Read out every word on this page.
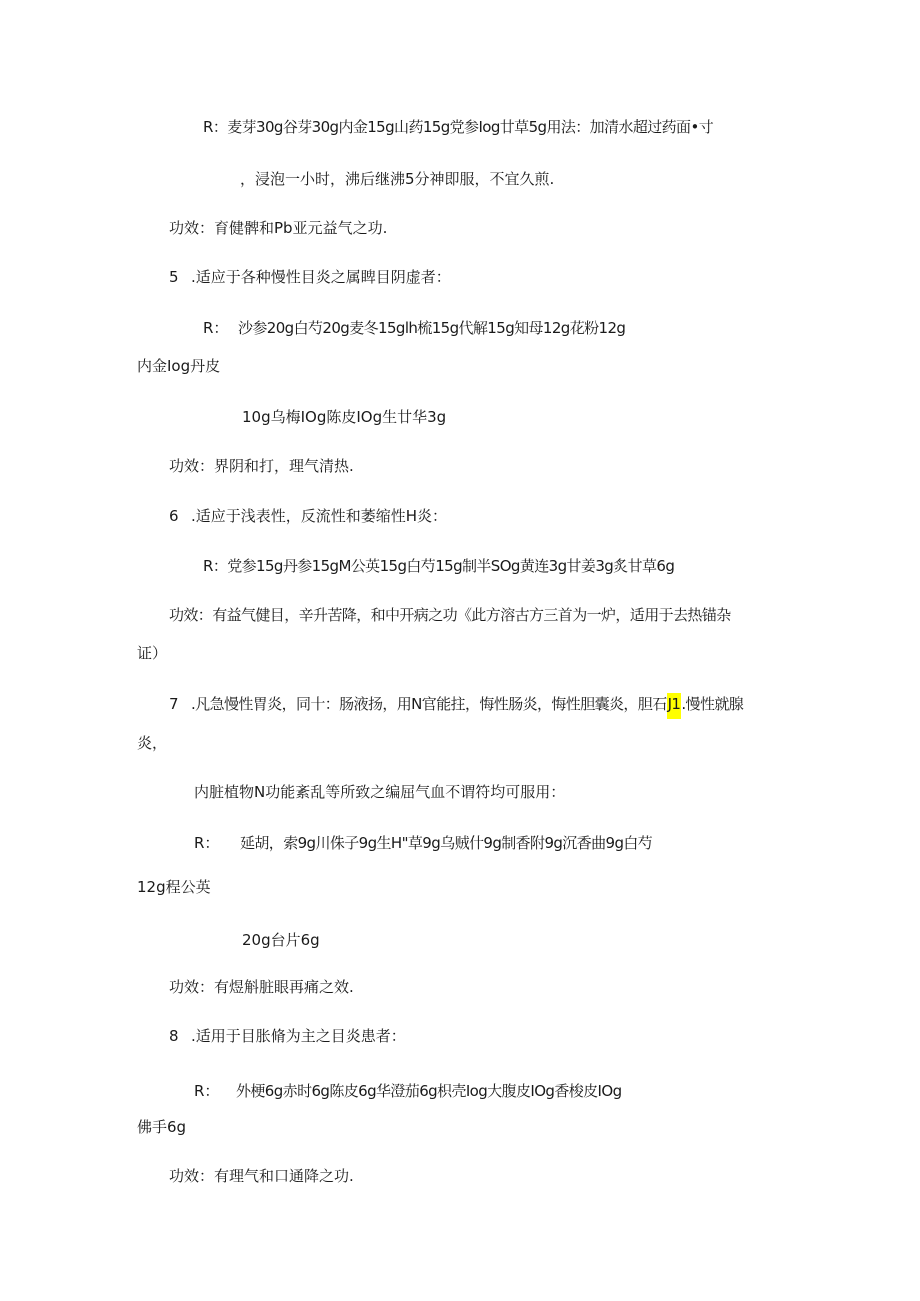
R：麦芽30g谷芽30g内金15g山药15g党参Iog廿草5g用法：加清水超过药面•寸
，浸泡一小时，沸后继沸5分神即服，不宜久煎.
功效：育健髀和Pb亚元益气之功.
5 .适应于各种慢性目炎之属睥目阴虚者：
R： 沙参20g白芍20g麦冬15glh梳15g代解15g知母12g花粉12g
内金Iog丹皮
10g乌梅IOg陈皮IOg生廿华3g
功效：界阴和打，理气清热.
6 .适应于浅表性，反流性和萎缩性H炎：
R：党参15g丹参15gM公英15g白芍15g制半SOg黄连3g甘姜3g炙甘草6g
功效：有益气健目，辛升苦降，和中开病之功《此方溶古方三首为一炉，适用于去热锚杂
证）
7 .凡急慢性胃炎，同十：肠液扬，用N官能拄，悔性肠炎，悔性胆囊炎，胆石J1.慢性就腺
炎，
内脏植物N功能紊乱等所致之编屈气血不谓符均可服用：
R： 延胡，索9g川侏子9g生H"草9g乌贼什9g制香附9g沉香曲9g白芍
12g程公英
20g台片6g
功效：有煜斛脏眼再痛之效.
8 .适用于目胀脩为主之目炎患者：
R： 外梗6g赤时6g陈皮6g华澄茄6g枳壳Iog大腹皮IOg香梭皮IOg
佛手6g
功效：有理气和口通降之功.
